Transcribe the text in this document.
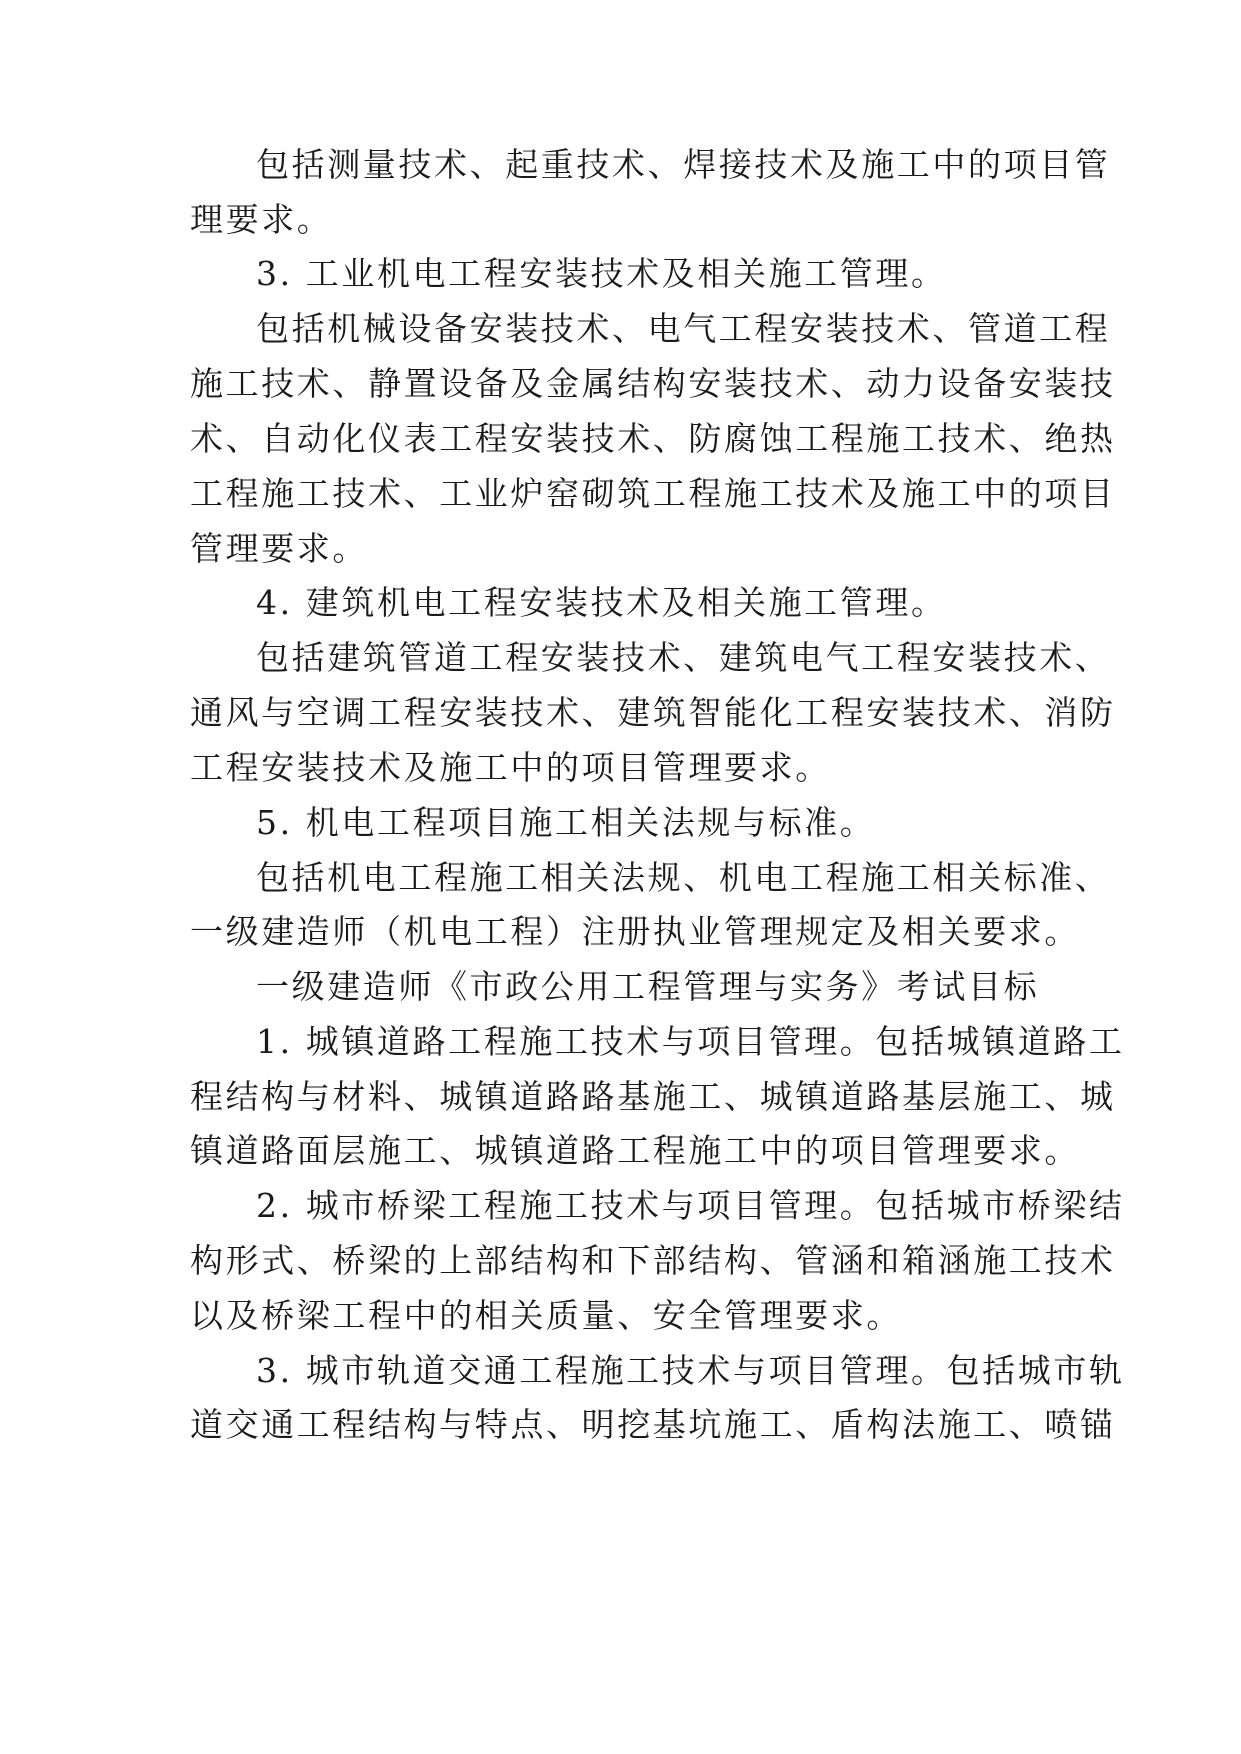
包括测量技术、起重技术、焊接技术及施工中的项目管
理要求。
3. 工业机电工程安装技术及相关施工管理。
包括机械设备安装技术、电气工程安装技术、管道工程
施工技术、静置设备及金属结构安装技术、动力设备安装技
术、自动化仪表工程安装技术、防腐蚀工程施工技术、绝热
工程施工技术、工业炉窑砌筑工程施工技术及施工中的项目
管理要求。
4. 建筑机电工程安装技术及相关施工管理。
包括建筑管道工程安装技术、建筑电气工程安装技术、
通风与空调工程安装技术、建筑智能化工程安装技术、消防
工程安装技术及施工中的项目管理要求。
5. 机电工程项目施工相关法规与标准。
包括机电工程施工相关法规、机电工程施工相关标准、
一级建造师（机电工程）注册执业管理规定及相关要求。
一级建造师《市政公用工程管理与实务》考试目标
1. 城镇道路工程施工技术与项目管理。包括城镇道路工
程结构与材料、城镇道路路基施工、城镇道路基层施工、城
镇道路面层施工、城镇道路工程施工中的项目管理要求。
2. 城市桥梁工程施工技术与项目管理。包括城市桥梁结
构形式、桥梁的上部结构和下部结构、管涵和箱涵施工技术
以及桥梁工程中的相关质量、安全管理要求。
3. 城市轨道交通工程施工技术与项目管理。包括城市轨
道交通工程结构与特点、明挖基坑施工、盾构法施工、喷锚
